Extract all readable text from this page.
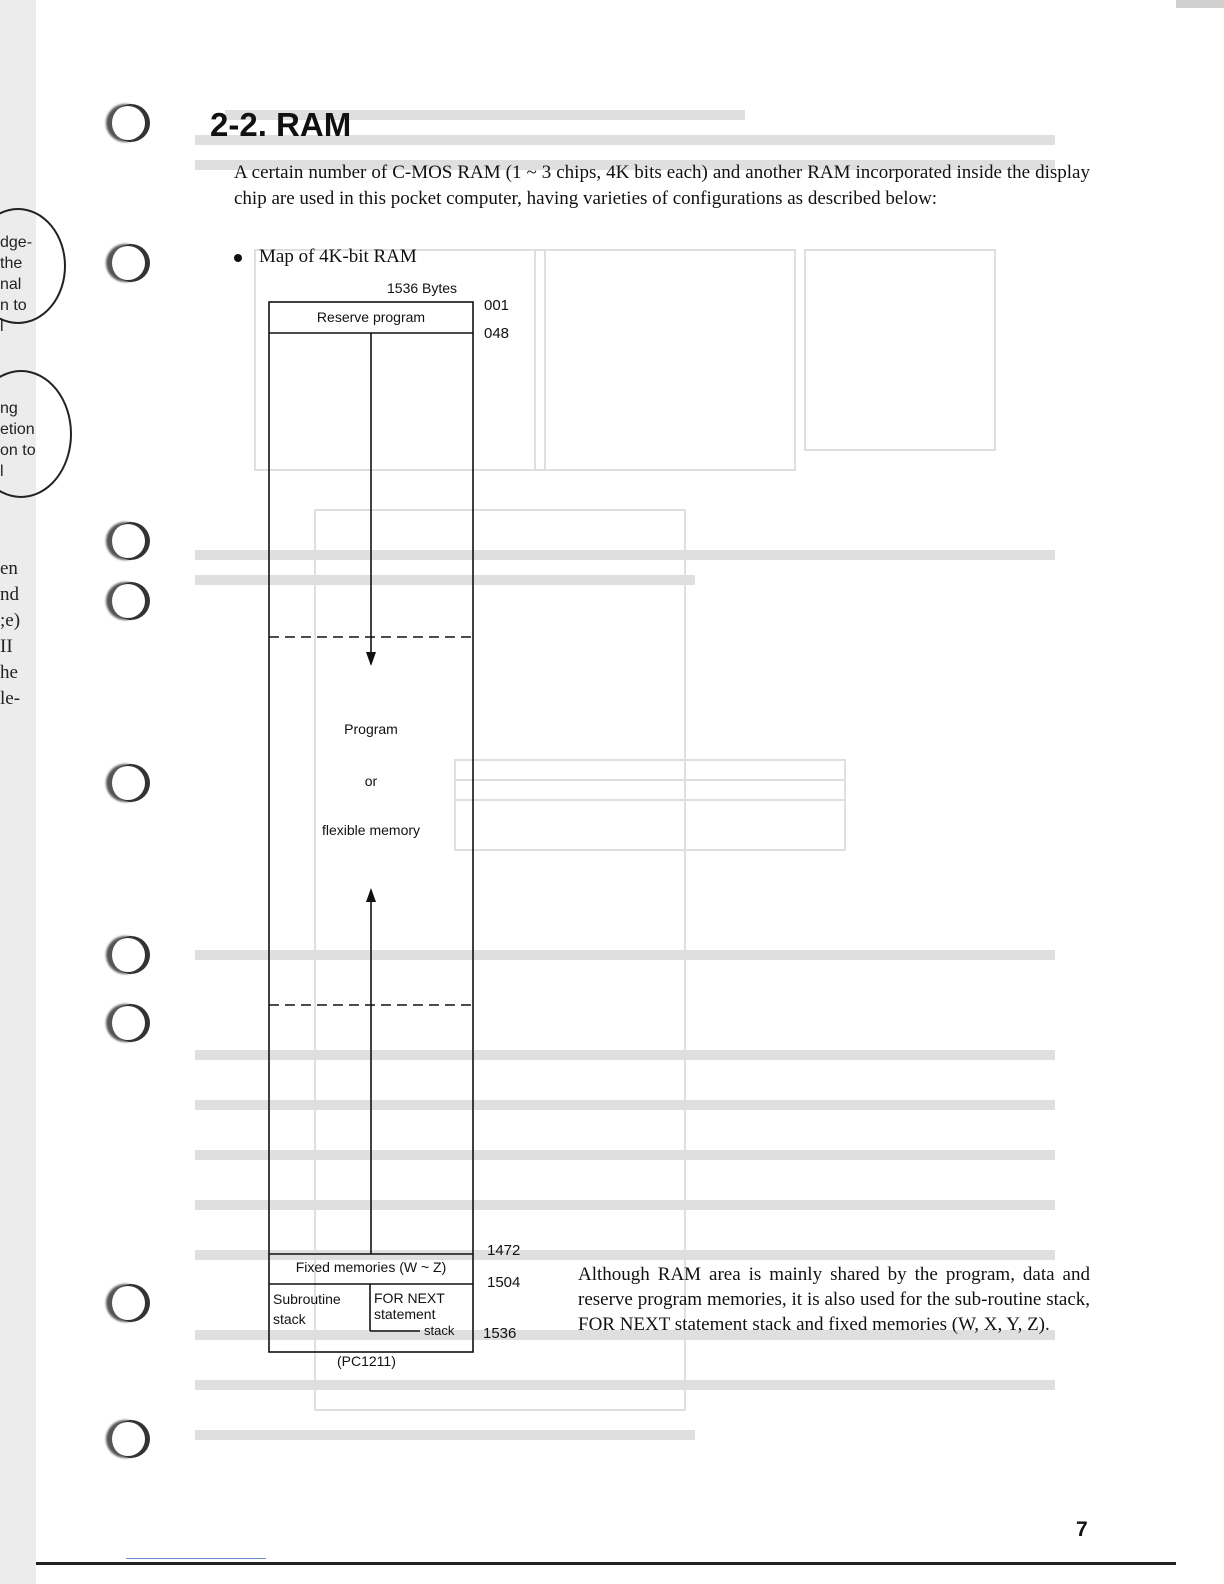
dge-
the
nal
n to
l
ng
etion
on to
l
en
nd
;e)
II
he
le-
2-2. RAM

A certain number of C-MOS RAM (1 ~ 3 chips, 4K bits each) and another RAM incorporated inside the display chip are used in this pocket computer, having varieties of configurations as described below:

Map of 4K-bit RAM
1536 Bytes
001
048
Reserve program
Program
or
flexible memory
1472
Fixed memories (W ~ Z)
1504
Subroutine
stack
FOR NEXT
statement
stack 1536
(PC1211)

Although RAM area is mainly shared by the program, data and reserve program memories, it is also used for the sub-routine stack, FOR NEXT statement stack and fixed memories (W, X, Y, Z).

7
